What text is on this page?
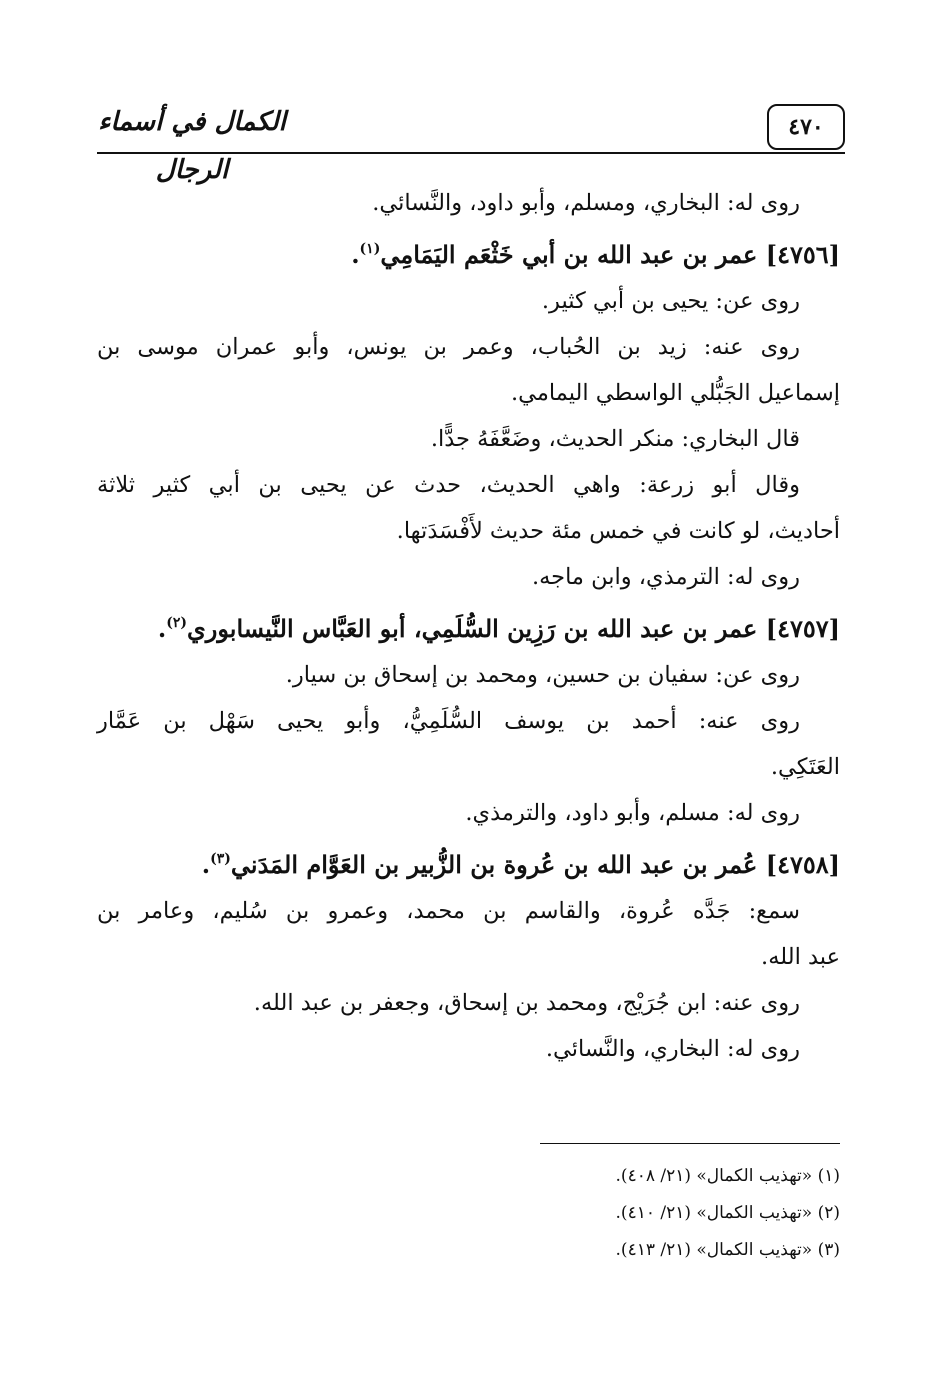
٤٧٠
الكمال في أسماء الرجال
روى له: البخاري، ومسلم، وأبو داود، والنَّسائي.
[٤٧٥٦] عمر بن عبد الله بن أبي خَثْعَم اليَمَامِي$^{(١)}$.
روى عن: يحيى بن أبي كثير.
روى عنه: زيد بن الحُباب، وعمر بن يونس، وأبو عمران موسى بن
إسماعيل الجَبُّلي الواسطي اليمامي.
قال البخاري: منكر الحديث، وضَعَّفَهُ جدًّا.
وقال أبو زرعة: واهي الحديث، حدث عن يحيى بن أبي كثير ثلاثة
أحاديث، لو كانت في خمس مئة حديث لأَفْسَدَتها.
روى له: الترمذي، وابن ماجه.
[٤٧٥٧] عمر بن عبد الله بن رَزِين السُّلَمِي، أبو العَبَّاس النَّيسابوري$^{(٢)}$.
روى عن: سفيان بن حسين، ومحمد بن إسحاق بن سيار.
روى عنه: أحمد بن يوسف السُّلَمِيُّ، وأبو يحيى سَهْل بن عَمَّار
العَتَكِي.
روى له: مسلم، وأبو داود، والترمذي.
[٤٧٥٨] عُمر بن عبد الله بن عُروة بن الزُّبير بن العَوَّام المَدَني$^{(٣)}$.
سمع: جَدَّه عُروة، والقاسم بن محمد، وعمرو بن سُليم، وعامر بن
عبد الله.
روى عنه: ابن جُرَيْج، ومحمد بن إسحاق، وجعفر بن عبد الله.
روى له: البخاري، والنَّسائي.
(١) «تهذيب الكمال» (٢١/ ٤٠٨).
(٢) «تهذيب الكمال» (٢١/ ٤١٠).
(٣) «تهذيب الكمال» (٢١/ ٤١٣).
